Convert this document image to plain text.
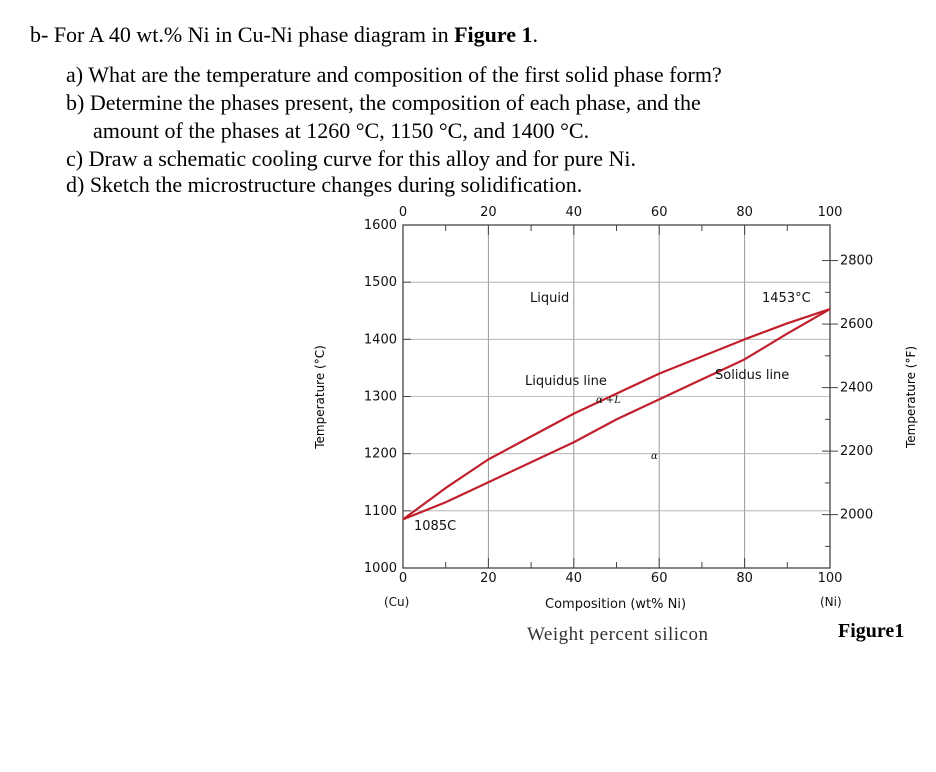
b- For A 40 wt.% Ni in Cu-Ni phase diagram in Figure 1.
a) What are the temperature and composition of the first solid phase form?
b) Determine the phases present, the composition of each phase, and the
amount of the phases at 1260 °C, 1150 °C, and 1400 °C.
c) Draw a schematic cooling curve for this alloy and for pure Ni.
d) Sketch the microstructure changes during solidification.
Temperature (°C)	Temperature (°F)
0
0
20
20
40
40
60
60
80
80
100
100
1000
1100
1200
1300
1400
1500
1600
2000
2200
2400
2600
2800
Liquid	1453°C
Liquidus line	Solidus line
α +L
α
1085C
Composition (wt% Ni)
(Cu)	(Ni)
Weight percent silicon	Figure1
